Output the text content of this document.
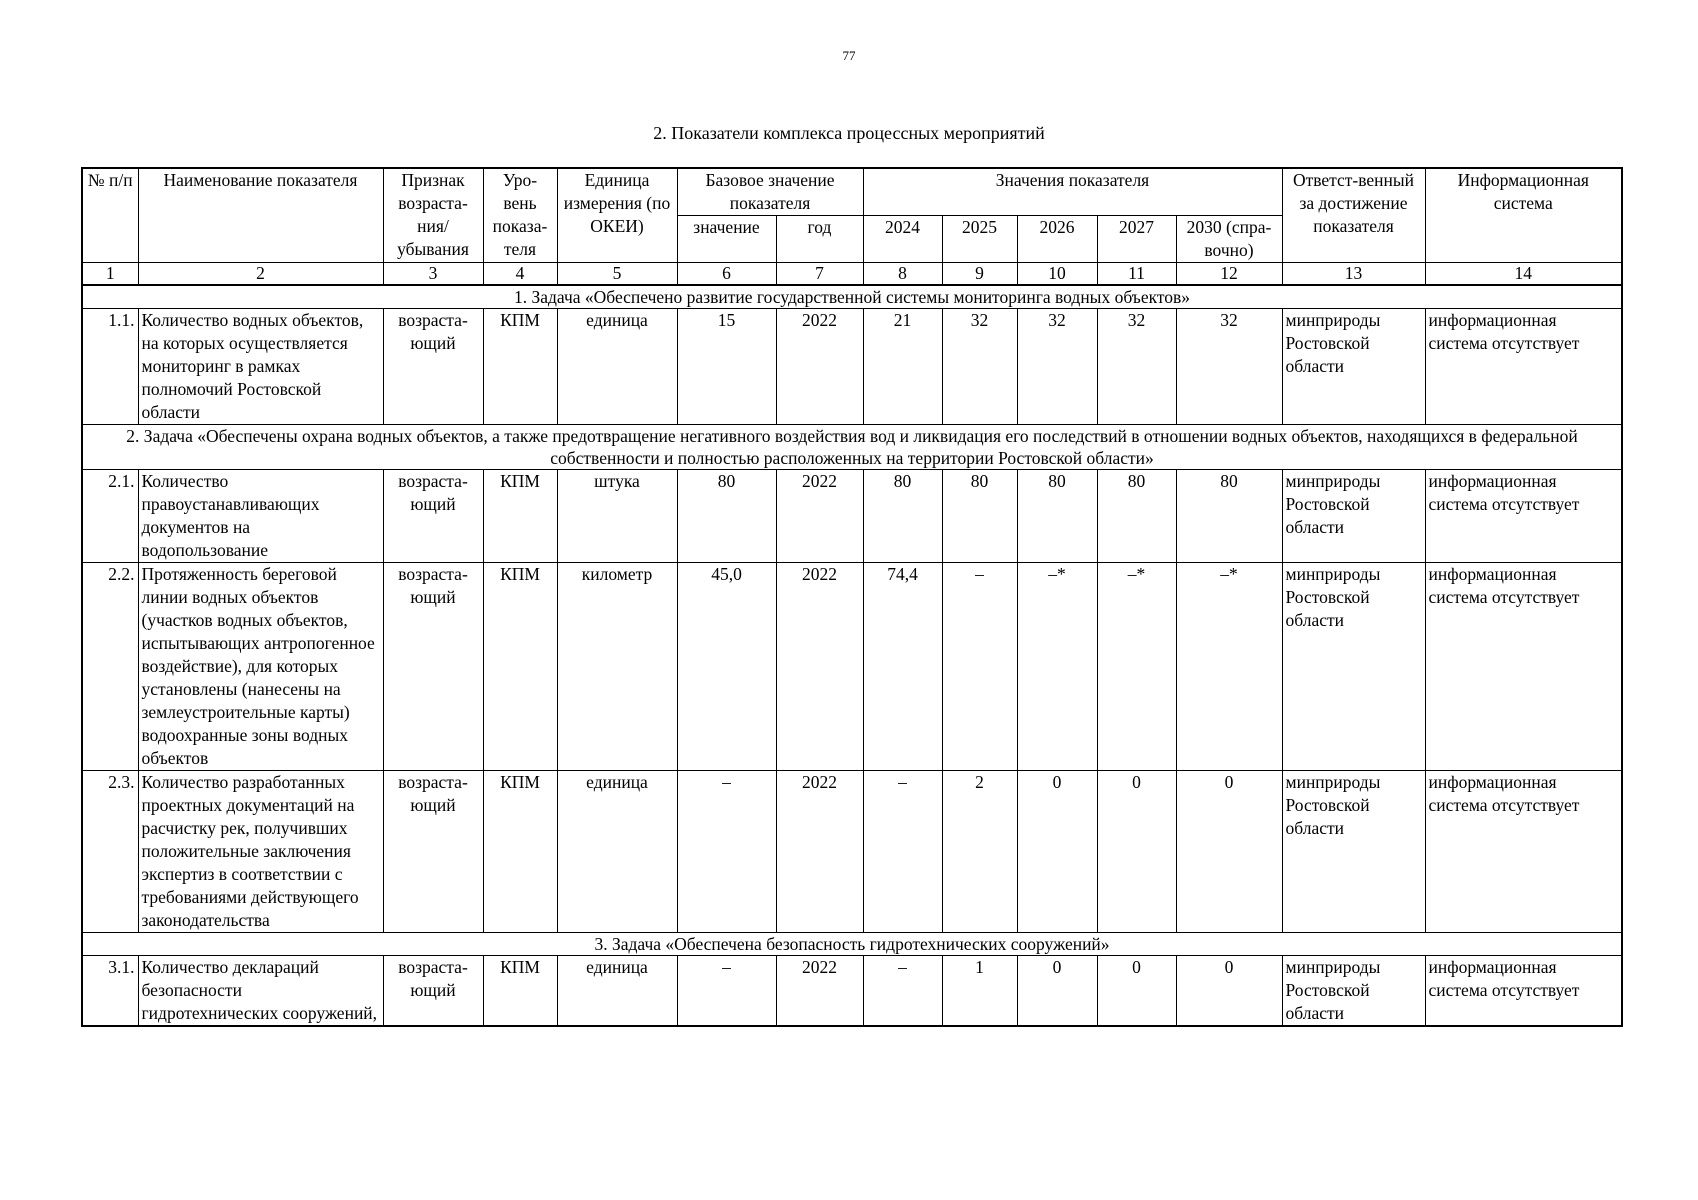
77
2. Показатели комплекса процессных мероприятий
№ п/п	Наименование показателя	Признак возраста-ния/ убывания	Уро-вень показа-теля	Единица измерения (по ОКЕИ)	Базовое значение показателя		Значения показателя					Ответст-венный за достижение показателя	Информационная система
					значение	год	2024	2025	2026	2027	2030 (спра-вочно)		
1	2	3	4	5	6	7	8	9	10	11	12	13	14
1. Задача «Обеспечено развитие государственной системы мониторинга водных объектов»													
1.1.	Количество водных объектов, на которых осуществляется мониторинг в рамках полномочий Ростовской области	возраста-ющий	КПМ	единица	15	2022	21	32	32	32	32	минприроды Ростовской области	информационная система отсутствует
2. Задача «Обеспечены охрана водных объектов, а также предотвращение негативного воздействия вод и ликвидация его последствий в отношении водных объектов, находящихся в федеральной собственности и полностью расположенных на территории Ростовской области»													
2.1.	Количество правоустанавливающих документов на водопользование	возраста-ющий	КПМ	штука	80	2022	80	80	80	80	80	минприроды Ростовской области	информационная система отсутствует
2.2.	Протяженность береговой линии водных объектов (участков водных объектов, испытывающих антропогенное воздействие), для которых установлены (нанесены на землеустроительные карты) водоохранные зоны водных объектов	возраста-ющий	КПМ	километр	45,0	2022	74,4	–	–*	–*	–*	минприроды Ростовской области	информационная система отсутствует
2.3.	Количество разработанных проектных документаций на расчистку рек, получивших положительные заключения экспертиз в соответствии с требованиями действующего законодательства	возраста-ющий	КПМ	единица	–	2022	–	2	0	0	0	минприроды Ростовской области	информационная система отсутствует
3. Задача «Обеспечена безопасность гидротехнических сооружений»													
3.1.	Количество деклараций безопасности гидротехнических сооружений,	возраста-ющий	КПМ	единица	–	2022	–	1	0	0	0	минприроды Ростовской области	информационная система отсутствует
